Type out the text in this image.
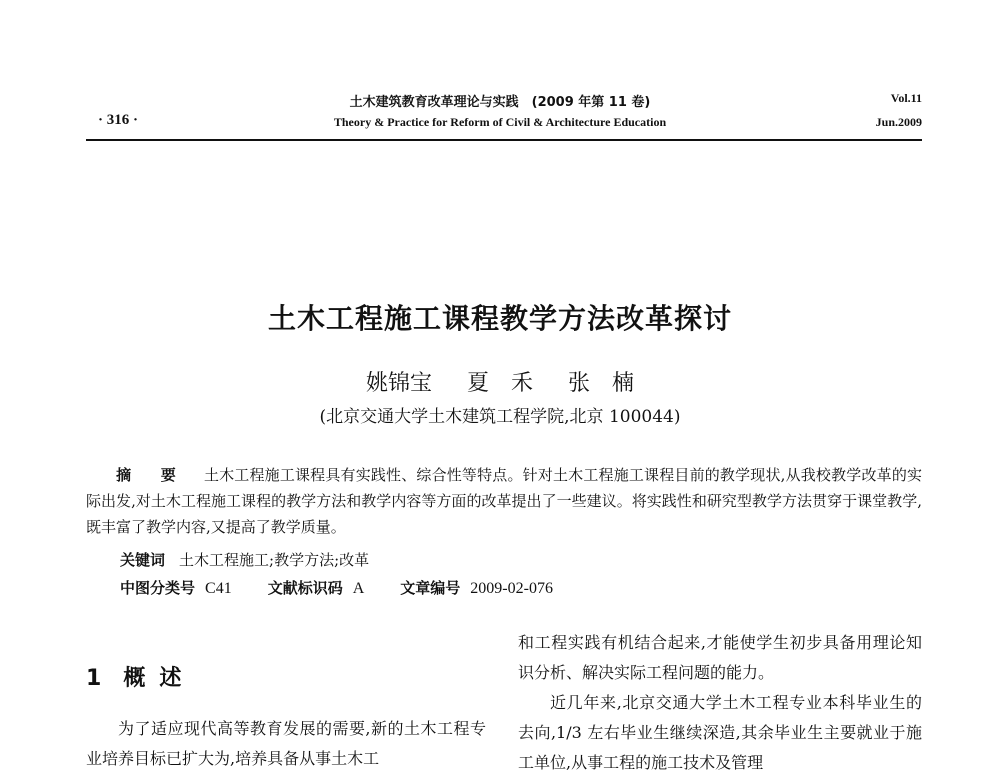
土木建筑教育改革理论与实践　(2009 年第 11 卷)
Theory & Practice for Reform of Civil & Architecture Education
· 316 ·
Vol.11
Jun.2009
土木工程施工课程教学方法改革探讨
姚锦宝 夏　禾 张　楠
(北京交通大学土木建筑工程学院,北京 100044)
摘 要 土木工程施工课程具有实践性、综合性等特点。针对土木工程施工课程目前的教学现状,从我校教学改革的实际出发,对土木工程施工课程的教学方法和教学内容等方面的改革提出了一些建议。将实践性和研究型教学方法贯穿于课堂教学,既丰富了教学内容,又提高了教学质量。
关键词 土木工程施工;教学方法;改革
中图分类号 C41 文献标识码 A 文章编号 2009-02-076
1 概述

为了适应现代高等教育发展的需要,新的土木工程专业培养目标已扩大为,培养具备从事土木工

和工程实践有机结合起来,才能使学生初步具备用理论知识分析、解决实际工程问题的能力。

近几年来,北京交通大学土木工程专业本科毕业生的去向,1/3 左右毕业生继续深造,其余毕业生主要就业于施工单位,从事工程的施工技术及管理
